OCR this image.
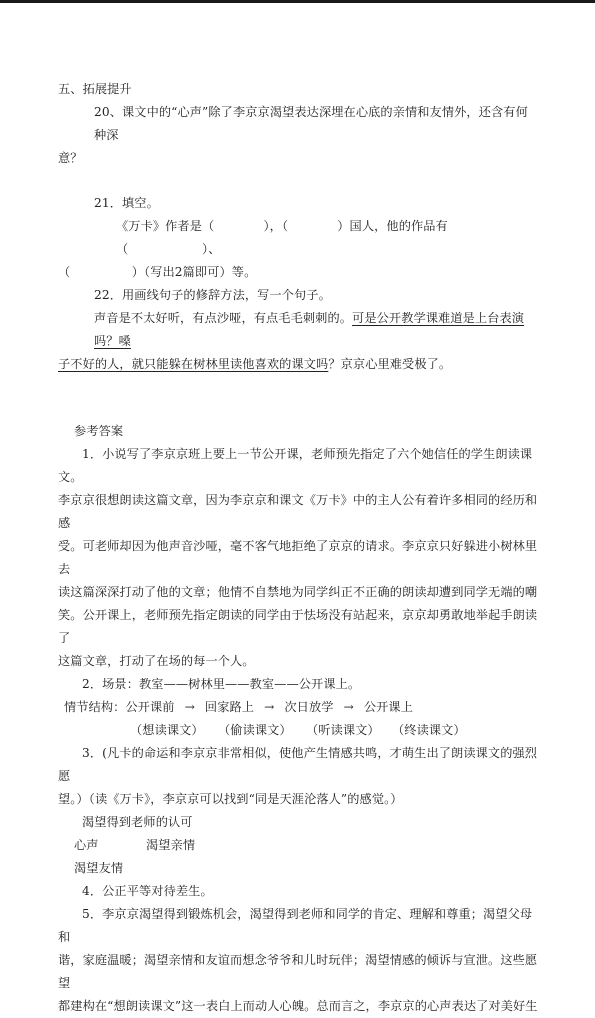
五、拓展提升

20、课文中的“心声”除了李京京渴望表达深埋在心底的亲情和友情外，还含有何种深

意？

21．填空。

《万卡》作者是（　　　　），（　　　　）国人，他的作品有（　　　　　　）、

（　　　　　）（写出2篇即可）等。

22．用画线句子的修辞方法，写一个句子。

声音是不太好听，有点沙哑，有点毛毛刺刺的。可是公开教学课难道是上台表演吗？嗓

子不好的人，就只能躲在树林里读他喜欢的课文吗？京京心里难受极了。

参考答案

1．小说写了李京京班上要上一节公开课，老师预先指定了六个她信任的学生朗读课文。

李京京很想朗读这篇文章，因为李京京和课文《万卡》中的主人公有着许多相同的经历和感

受。可老师却因为他声音沙哑，毫不客气地拒绝了京京的请求。李京京只好躲进小树林里去

读这篇深深打动了他的文章；他情不自禁地为同学纠正不正确的朗读却遭到同学无端的嘲

笑。公开课上，老师预先指定朗读的同学由于怯场没有站起来，京京却勇敢地举起手朗读了

这篇文章，打动了在场的每一个人。

2．场景：教室——树林里——教室——公开课上。

情节结构：公开课前 → 回家路上 → 次日放学 → 公开课上

（想读课文） （偷读课文） （听读课文） （终读课文）

3．(凡卡的命运和李京京非常相似，使他产生情感共鸣，才萌生出了朗读课文的强烈愿

望。）（读《万卡》，李京京可以找到“同是天涯沦落人”的感觉。）

渴望得到老师的认可

心声	渴望亲情

渴望友情

4．公正平等对待差生。

5．李京京渴望得到锻炼机会，渴望得到老师和同学的肯定、理解和尊重；渴望父母和

谐，家庭温暖；渴望亲情和友谊而想念爷爷和儿时玩伴；渴望情感的倾诉与宣泄。这些愿望

都建构在“想朗读课文”这一表白上而动人心魄。总而言之，李京京的心声表达了对美好生
